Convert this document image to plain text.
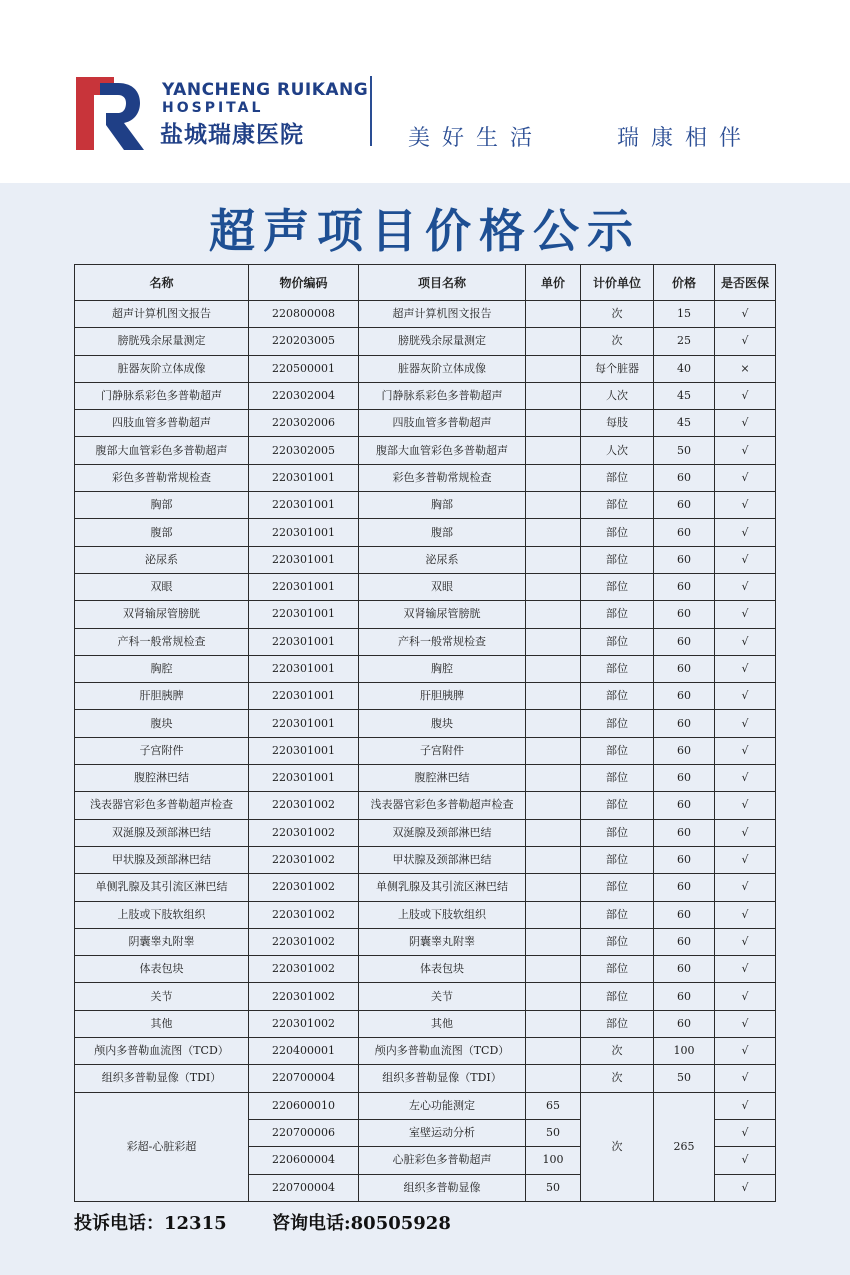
YANCHENG RUIKANG
HOSPITAL
盐城瑞康医院	美好生活	瑞康相伴
超声项目价格公示
名称	物价编码	项目名称	单价	计价单位	价格	是否医保
超声计算机图文报告	220800008	超声计算机图文报告		次	15	√
膀胱残余尿量测定	220203005	膀胱残余尿量测定		次	25	√
脏器灰阶立体成像	220500001	脏器灰阶立体成像		每个脏器	40	×
门静脉系彩色多普勒超声	220302004	门静脉系彩色多普勒超声		人次	45	√
四肢血管多普勒超声	220302006	四肢血管多普勒超声		每肢	45	√
腹部大血管彩色多普勒超声	220302005	腹部大血管彩色多普勒超声		人次	50	√
彩色多普勒常规检查	220301001	彩色多普勒常规检查		部位	60	√
胸部	220301001	胸部		部位	60	√
腹部	220301001	腹部		部位	60	√
泌尿系	220301001	泌尿系		部位	60	√
双眼	220301001	双眼		部位	60	√
双肾输尿管膀胱	220301001	双肾输尿管膀胱		部位	60	√
产科一般常规检查	220301001	产科一般常规检查		部位	60	√
胸腔	220301001	胸腔		部位	60	√
肝胆胰脾	220301001	肝胆胰脾		部位	60	√
腹块	220301001	腹块		部位	60	√
子宫附件	220301001	子宫附件		部位	60	√
腹腔淋巴结	220301001	腹腔淋巴结		部位	60	√
浅表器官彩色多普勒超声检查	220301002	浅表器官彩色多普勒超声检查		部位	60	√
双涎腺及颈部淋巴结	220301002	双涎腺及颈部淋巴结		部位	60	√
甲状腺及颈部淋巴结	220301002	甲状腺及颈部淋巴结		部位	60	√
单侧乳腺及其引流区淋巴结	220301002	单侧乳腺及其引流区淋巴结		部位	60	√
上肢或下肢软组织	220301002	上肢或下肢软组织		部位	60	√
阴囊睾丸附睾	220301002	阴囊睾丸附睾		部位	60	√
体表包块	220301002	体表包块		部位	60	√
关节	220301002	关节		部位	60	√
其他	220301002	其他		部位	60	√
颅内多普勒血流图（TCD）	220400001	颅内多普勒血流图（TCD）		次	100	√
组织多普勒显像（TDI）	220700004	组织多普勒显像（TDI）		次	50	√
彩超-心脏彩超	220600010	左心功能测定	65	次	265	√
	220700006	室壁运动分析	50			√
	220600004	心脏彩色多普勒超声	100			√
	220700004	组织多普勒显像	50			√
投诉电话：12315	咨询电话:80505928
